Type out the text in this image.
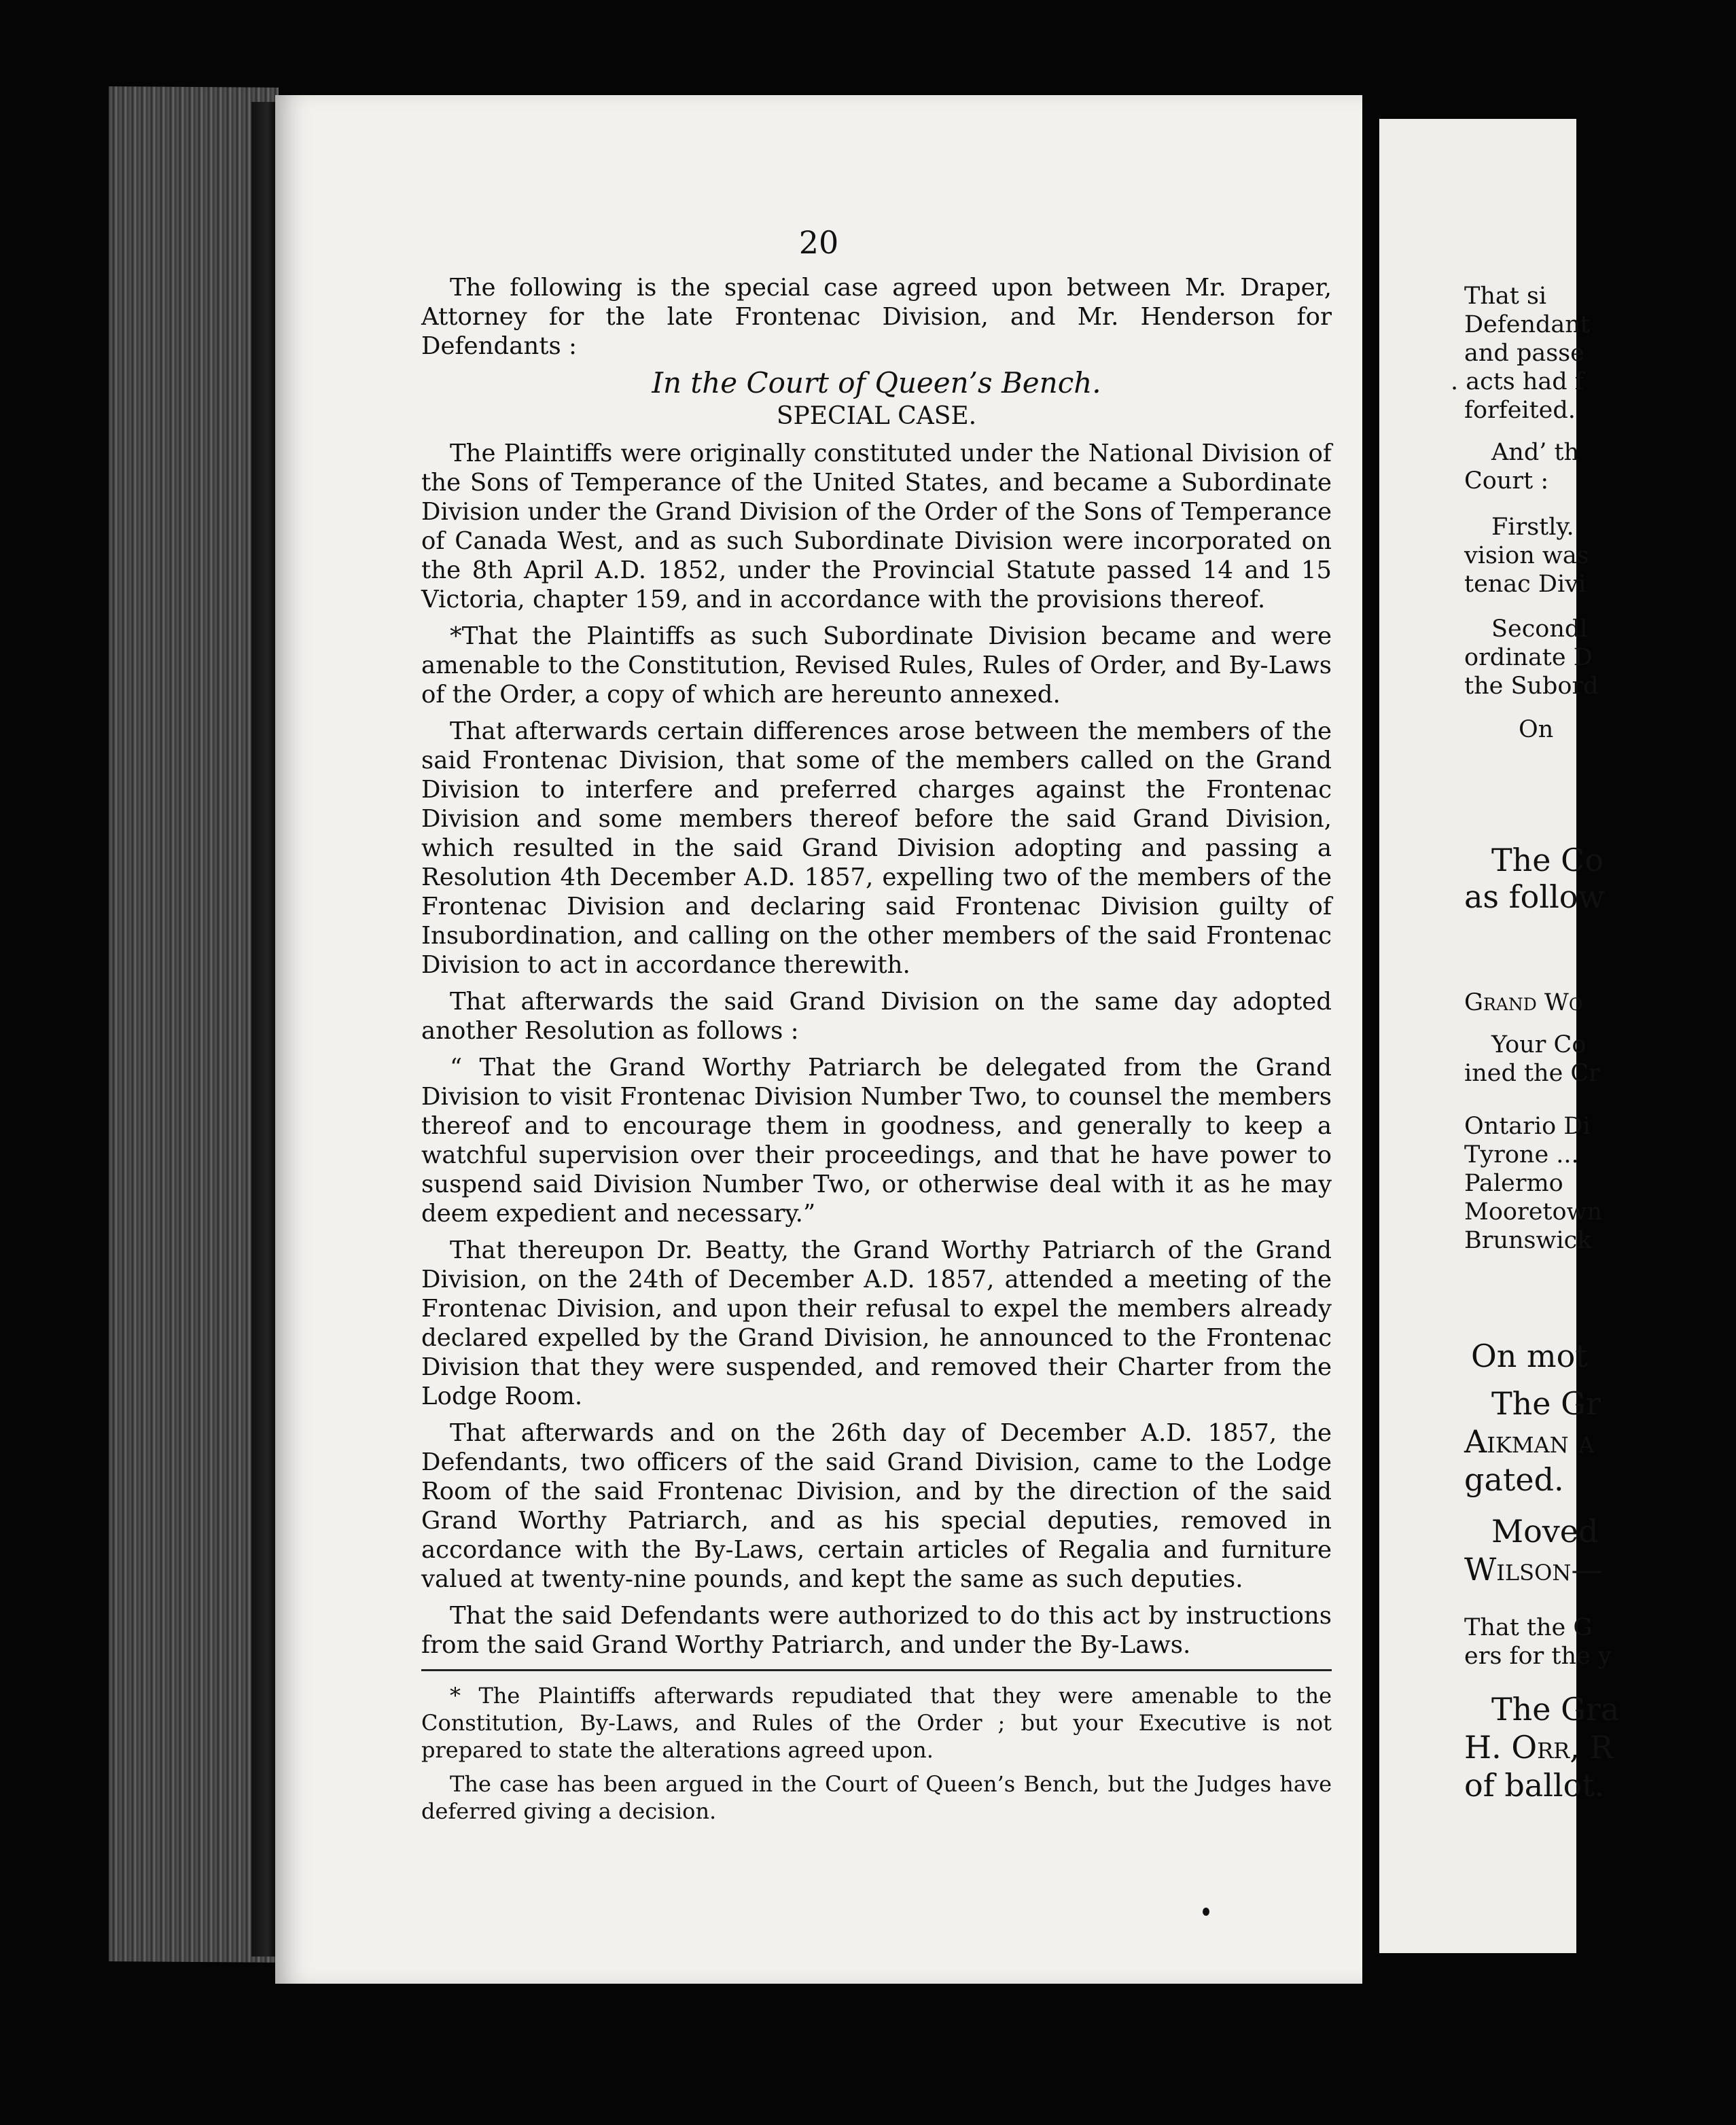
20

The following is the special case agreed upon between Mr. Draper, Attorney for the late Frontenac Division, and Mr. Henderson for Defendants :

In the Court of Queen’s Bench.
SPECIAL CASE.

The Plaintiffs were originally constituted under the National Division of the Sons of Temperance of the United States, and became a Subordinate Division under the Grand Division of the Order of the Sons of Temperance of Canada West, and as such Subordinate Division were incorporated on the 8th April A.D. 1852, under the Provincial Statute passed 14 and 15 Victoria, chapter 159, and in accordance with the provisions thereof.

*That the Plaintiffs as such Subordinate Division became and were amenable to the Constitution, Revised Rules, Rules of Order, and By-Laws of the Order, a copy of which are hereunto annexed.

That afterwards certain differences arose between the members of the said Frontenac Division, that some of the members called on the Grand Division to interfere and preferred charges against the Frontenac Division and some members thereof before the said Grand Division, which resulted in the said Grand Division adopting and passing a Resolution 4th December A.D. 1857, expelling two of the members of the Frontenac Division and declaring said Frontenac Division guilty of Insubordination, and calling on the other members of the said Frontenac Division to act in accordance therewith.

That afterwards the said Grand Division on the same day adopted another Resolution as follows :

“ That the Grand Worthy Patriarch be delegated from the Grand Division to visit Frontenac Division Number Two, to counsel the members thereof and to encourage them in goodness, and generally to keep a watchful supervision over their proceedings, and that he have power to suspend said Division Number Two, or otherwise deal with it as he may deem expedient and necessary.”

That thereupon Dr. Beatty, the Grand Worthy Patriarch of the Grand Division, on the 24th of December A.D. 1857, attended a meeting of the Frontenac Division, and upon their refusal to expel the members already declared expelled by the Grand Division, he announced to the Frontenac Division that they were suspended, and removed their Charter from the Lodge Room.

That afterwards and on the 26th day of December A.D. 1857, the Defendants, two officers of the said Grand Division, came to the Lodge Room of the said Frontenac Division, and by the direction of the said Grand Worthy Patriarch, and as his special deputies, removed in accordance with the By-Laws, certain articles of Regalia and furniture valued at twenty-nine pounds, and kept the same as such deputies.

That the said Defendants were authorized to do this act by instructions from the said Grand Worthy Patriarch, and under the By-Laws.

* The Plaintiffs afterwards repudiated that they were amenable to the Constitution, By-Laws, and Rules of the Order ; but your Executive is not prepared to state the alterations agreed upon.

The case has been argued in the Court of Queen’s Bench, but the Judges have deferred giving a decision.

That si
Defendant
and passe
. acts had f
forfeited.
And’ th
Court :
Firstly.
vision was
tenac Divi
Secondl
ordinate D
the Subord
On
The Co
as follow
Grand Wo
Your Co
ined the Cr
Ontario Di
Tyrone ...
Palermo
Mooretown
Brunswick
On mot
The Gr
Aikman a
gated.
Moved
Wilson—
That the G
ers for the y
The Gra
H. Orr, R
of ballot.
